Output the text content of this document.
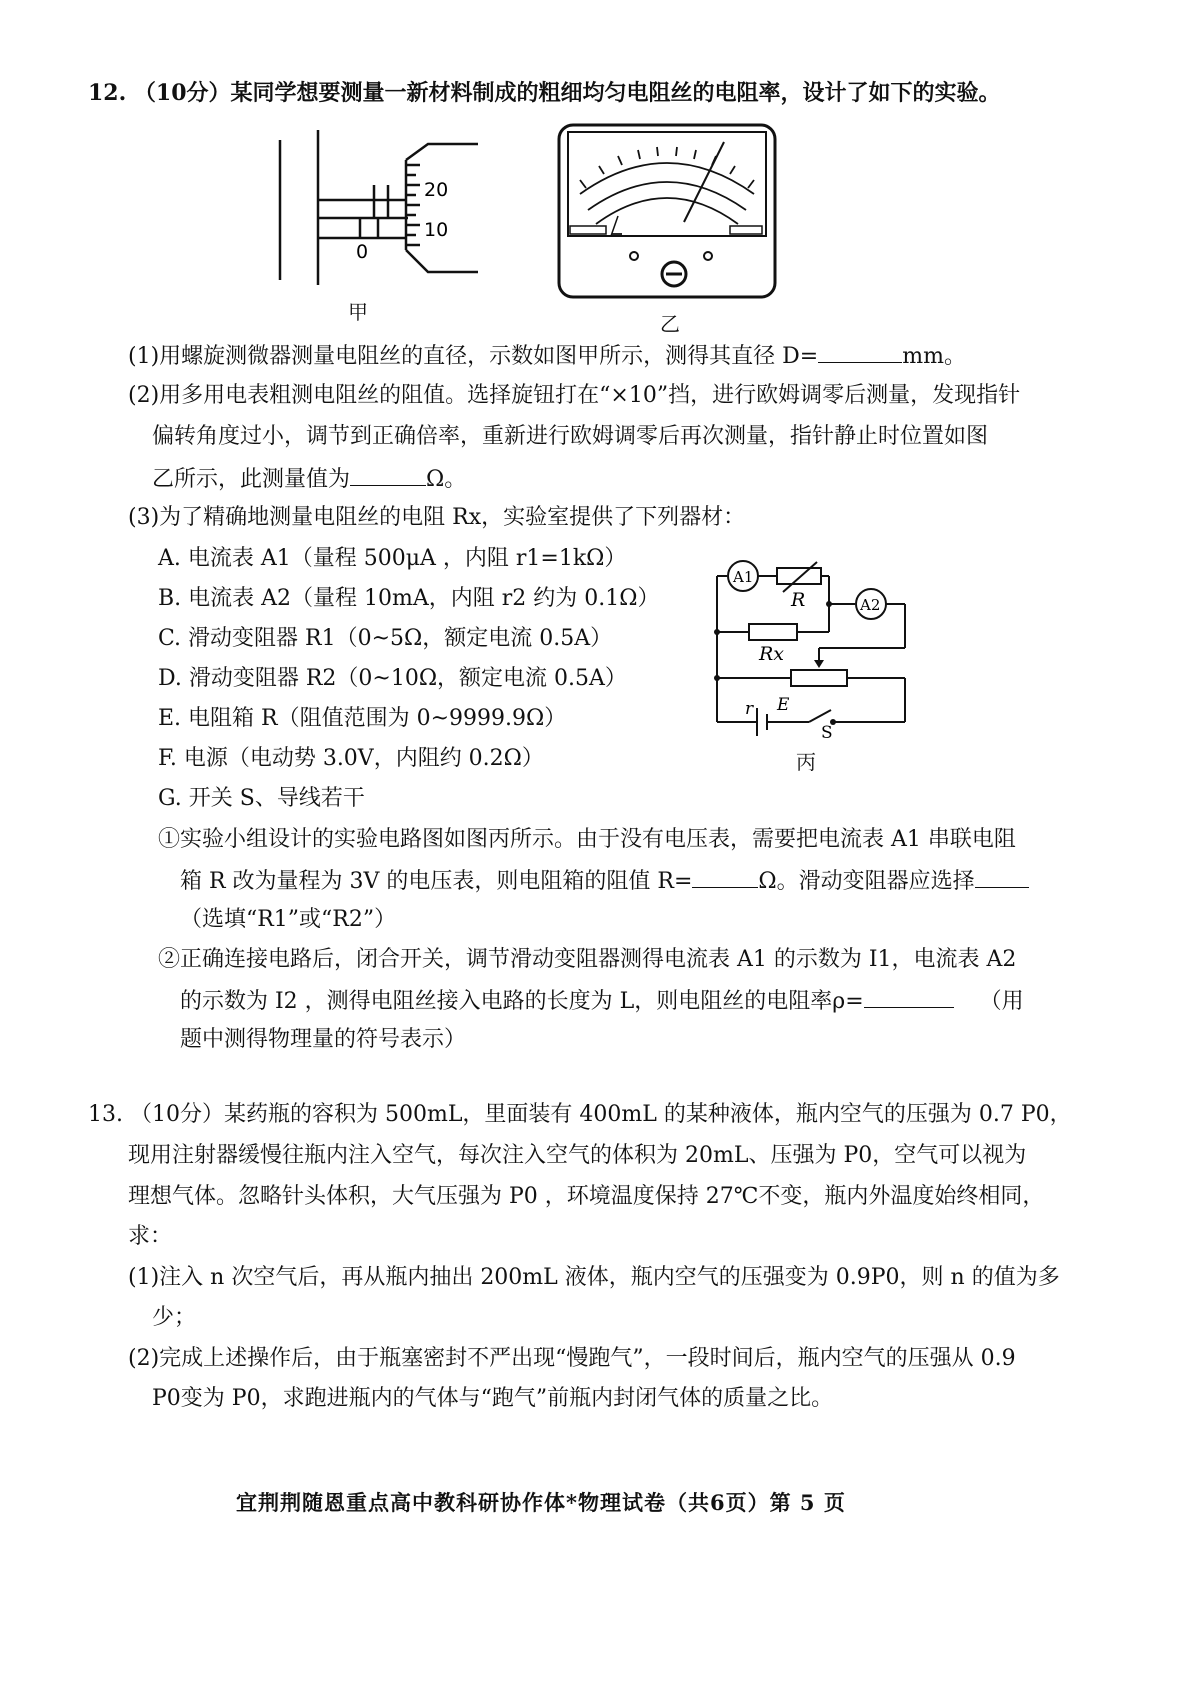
12. （10分）某同学想要测量一新材料制成的粗细均匀电阻丝的电阻率，设计了如下的实验。
20
10
0
甲	乙
(1)用螺旋测微器测量电阻丝的直径，示数如图甲所示，测得其直径 D=	mm。
(2)用多用电表粗测电阻丝的阻值。选择旋钮打在“×10”挡，进行欧姆调零后测量，发现指针
偏转角度过小，调节到正确倍率，重新进行欧姆调零后再次测量，指针静止时位置如图
乙所示，此测量值为	Ω。
(3)为了精确地测量电阻丝的电阻 Rx，实验室提供了下列器材：
A. 电流表 A1（量程 500μA ，内阻 r1=1kΩ）
B. 电流表 A2（量程 10mA，内阻 r2 约为 0.1Ω）
C. 滑动变阻器 R1（0~5Ω，额定电流 0.5A）
D. 滑动变阻器 R2（0~10Ω，额定电流 0.5A）
E. 电阻箱 R（阻值范围为 0~9999.9Ω）
F. 电源（电动势 3.0V，内阻约 0.2Ω）
G. 开关 S、导线若干
A1
A2
R
Rx
r E
S
丙
①实验小组设计的实验电路图如图丙所示。由于没有电压表，需要把电流表 A1 串联电阻
箱 R 改为量程为 3V 的电压表，则电阻箱的阻值 R=	Ω。滑动变阻器应选择
（选填“R1”或“R2”）
②正确连接电路后，闭合开关，调节滑动变阻器测得电流表 A1 的示数为 I1，电流表 A2
的示数为 I2 ，测得电阻丝接入电路的长度为 L，则电阻丝的电阻率ρ=	（用
题中测得物理量的符号表示）
13. （10分）某药瓶的容积为 500mL，里面装有 400mL 的某种液体，瓶内空气的压强为 0.7 P0，
现用注射器缓慢往瓶内注入空气，每次注入空气的体积为 20mL、压强为 P0，空气可以视为
理想气体。忽略针头体积，大气压强为 P0 ，环境温度保持 27℃不变，瓶内外温度始终相同，
求：
(1)注入 n 次空气后，再从瓶内抽出 200mL 液体，瓶内空气的压强变为 0.9P0，则 n 的值为多
少；
(2)完成上述操作后，由于瓶塞密封不严出现“慢跑气”，一段时间后，瓶内空气的压强从 0.9
P0变为 P0，求跑进瓶内的气体与“跑气”前瓶内封闭气体的质量之比。
宜荆荆随恩重点高中教科研协作体*物理试卷（共6页）第 5 页
